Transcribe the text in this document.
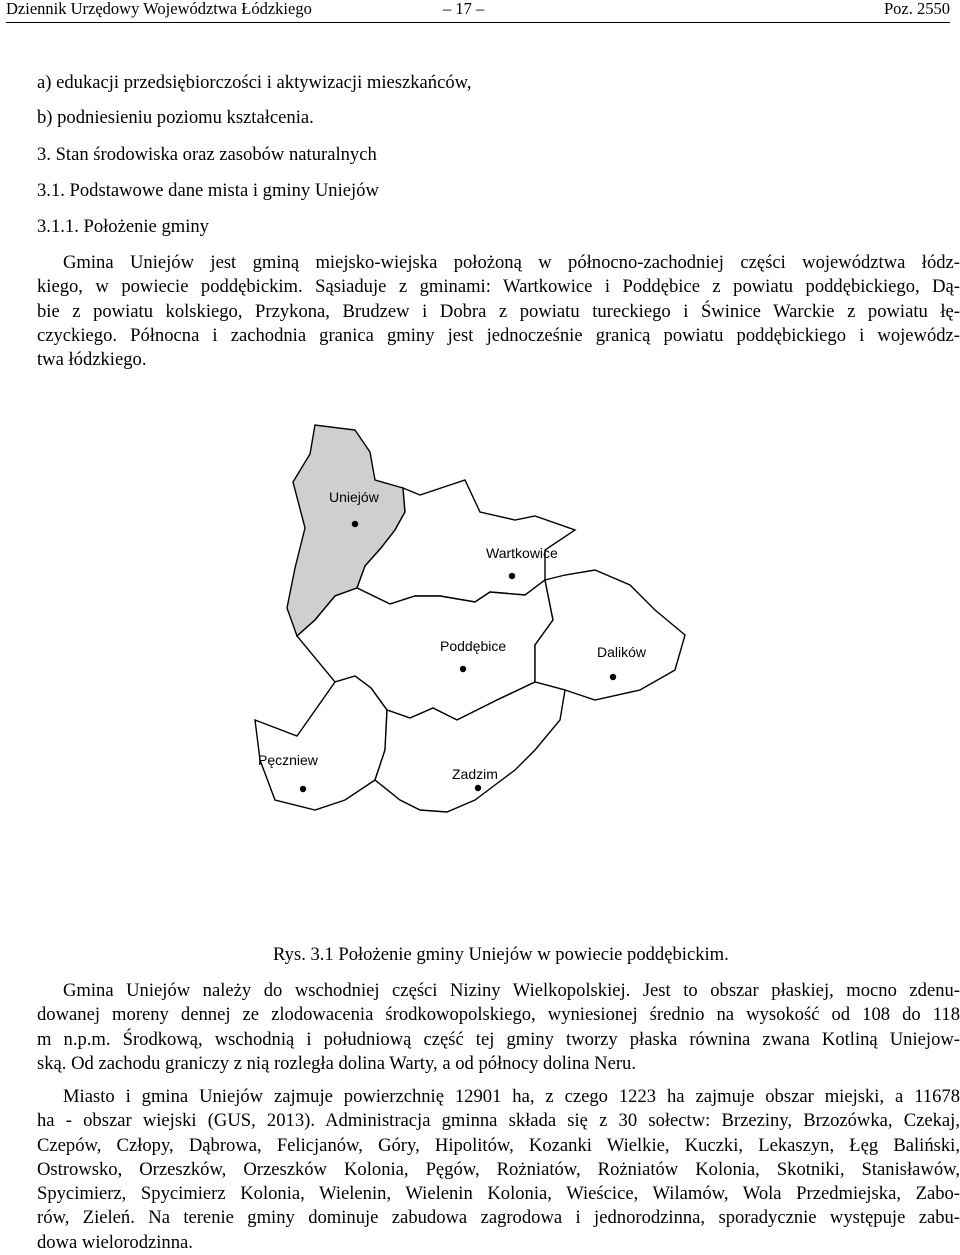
Dziennik Urzędowy Województwa Łódzkiego	– 17 –	Poz. 2550
a) edukacji przedsiębiorczości i aktywizacji mieszkańców,
b) podniesieniu poziomu kształcenia.
3. Stan środowiska oraz zasobów naturalnych
3.1. Podstawowe dane mista i gminy Uniejów
3.1.1. Położenie gminy
Gmina Uniejów jest gminą miejsko-wiejska położoną w północno-zachodniej części województwa łódz-
kiego, w powiecie poddębickim. Sąsiaduje z gminami: Wartkowice i Poddębice z powiatu poddębickiego, Dą-
bie z powiatu kolskiego, Przykona, Brudzew i Dobra z powiatu tureckiego i Świnice Warckie z powiatu łę-
czyckiego. Północna i zachodnia granica gminy jest jednocześnie granicą powiatu poddębickiego i wojewódz-
twa łódzkiego.
Uniejów
Wartkowice
Poddębice	Dalików
Pęczniew
Zadzim
Rys. 3.1 Położenie gminy Uniejów w powiecie poddębickim.
Gmina Uniejów należy do wschodniej części Niziny Wielkopolskiej. Jest to obszar płaskiej, mocno zdenu-
dowanej moreny dennej ze zlodowacenia środkowopolskiego, wyniesionej średnio na wysokość od 108 do 118
m n.p.m. Środkową, wschodnią i południową część tej gminy tworzy płaska równina zwana Kotliną Uniejow-
ską. Od zachodu graniczy z nią rozległa dolina Warty, a od północy dolina Neru.
Miasto i gmina Uniejów zajmuje powierzchnię 12901 ha, z czego 1223 ha zajmuje obszar miejski, a 11678
ha - obszar wiejski (GUS, 2013). Administracja gminna składa się z 30 sołectw: Brzeziny, Brzozówka, Czekaj,
Czepów, Człopy, Dąbrowa, Felicjanów, Góry, Hipolitów, Kozanki Wielkie, Kuczki, Lekaszyn, Łęg Baliński,
Ostrowsko, Orzeszków, Orzeszków Kolonia, Pęgów, Rożniatów, Rożniatów Kolonia, Skotniki, Stanisławów,
Spycimierz, Spycimierz Kolonia, Wielenin, Wielenin Kolonia, Wieścice, Wilamów, Wola Przedmiejska, Zabo-
rów, Zieleń. Na terenie gminy dominuje zabudowa zagrodowa i jednorodzinna, sporadycznie występuje zabu-
dowa wielorodzinna.
